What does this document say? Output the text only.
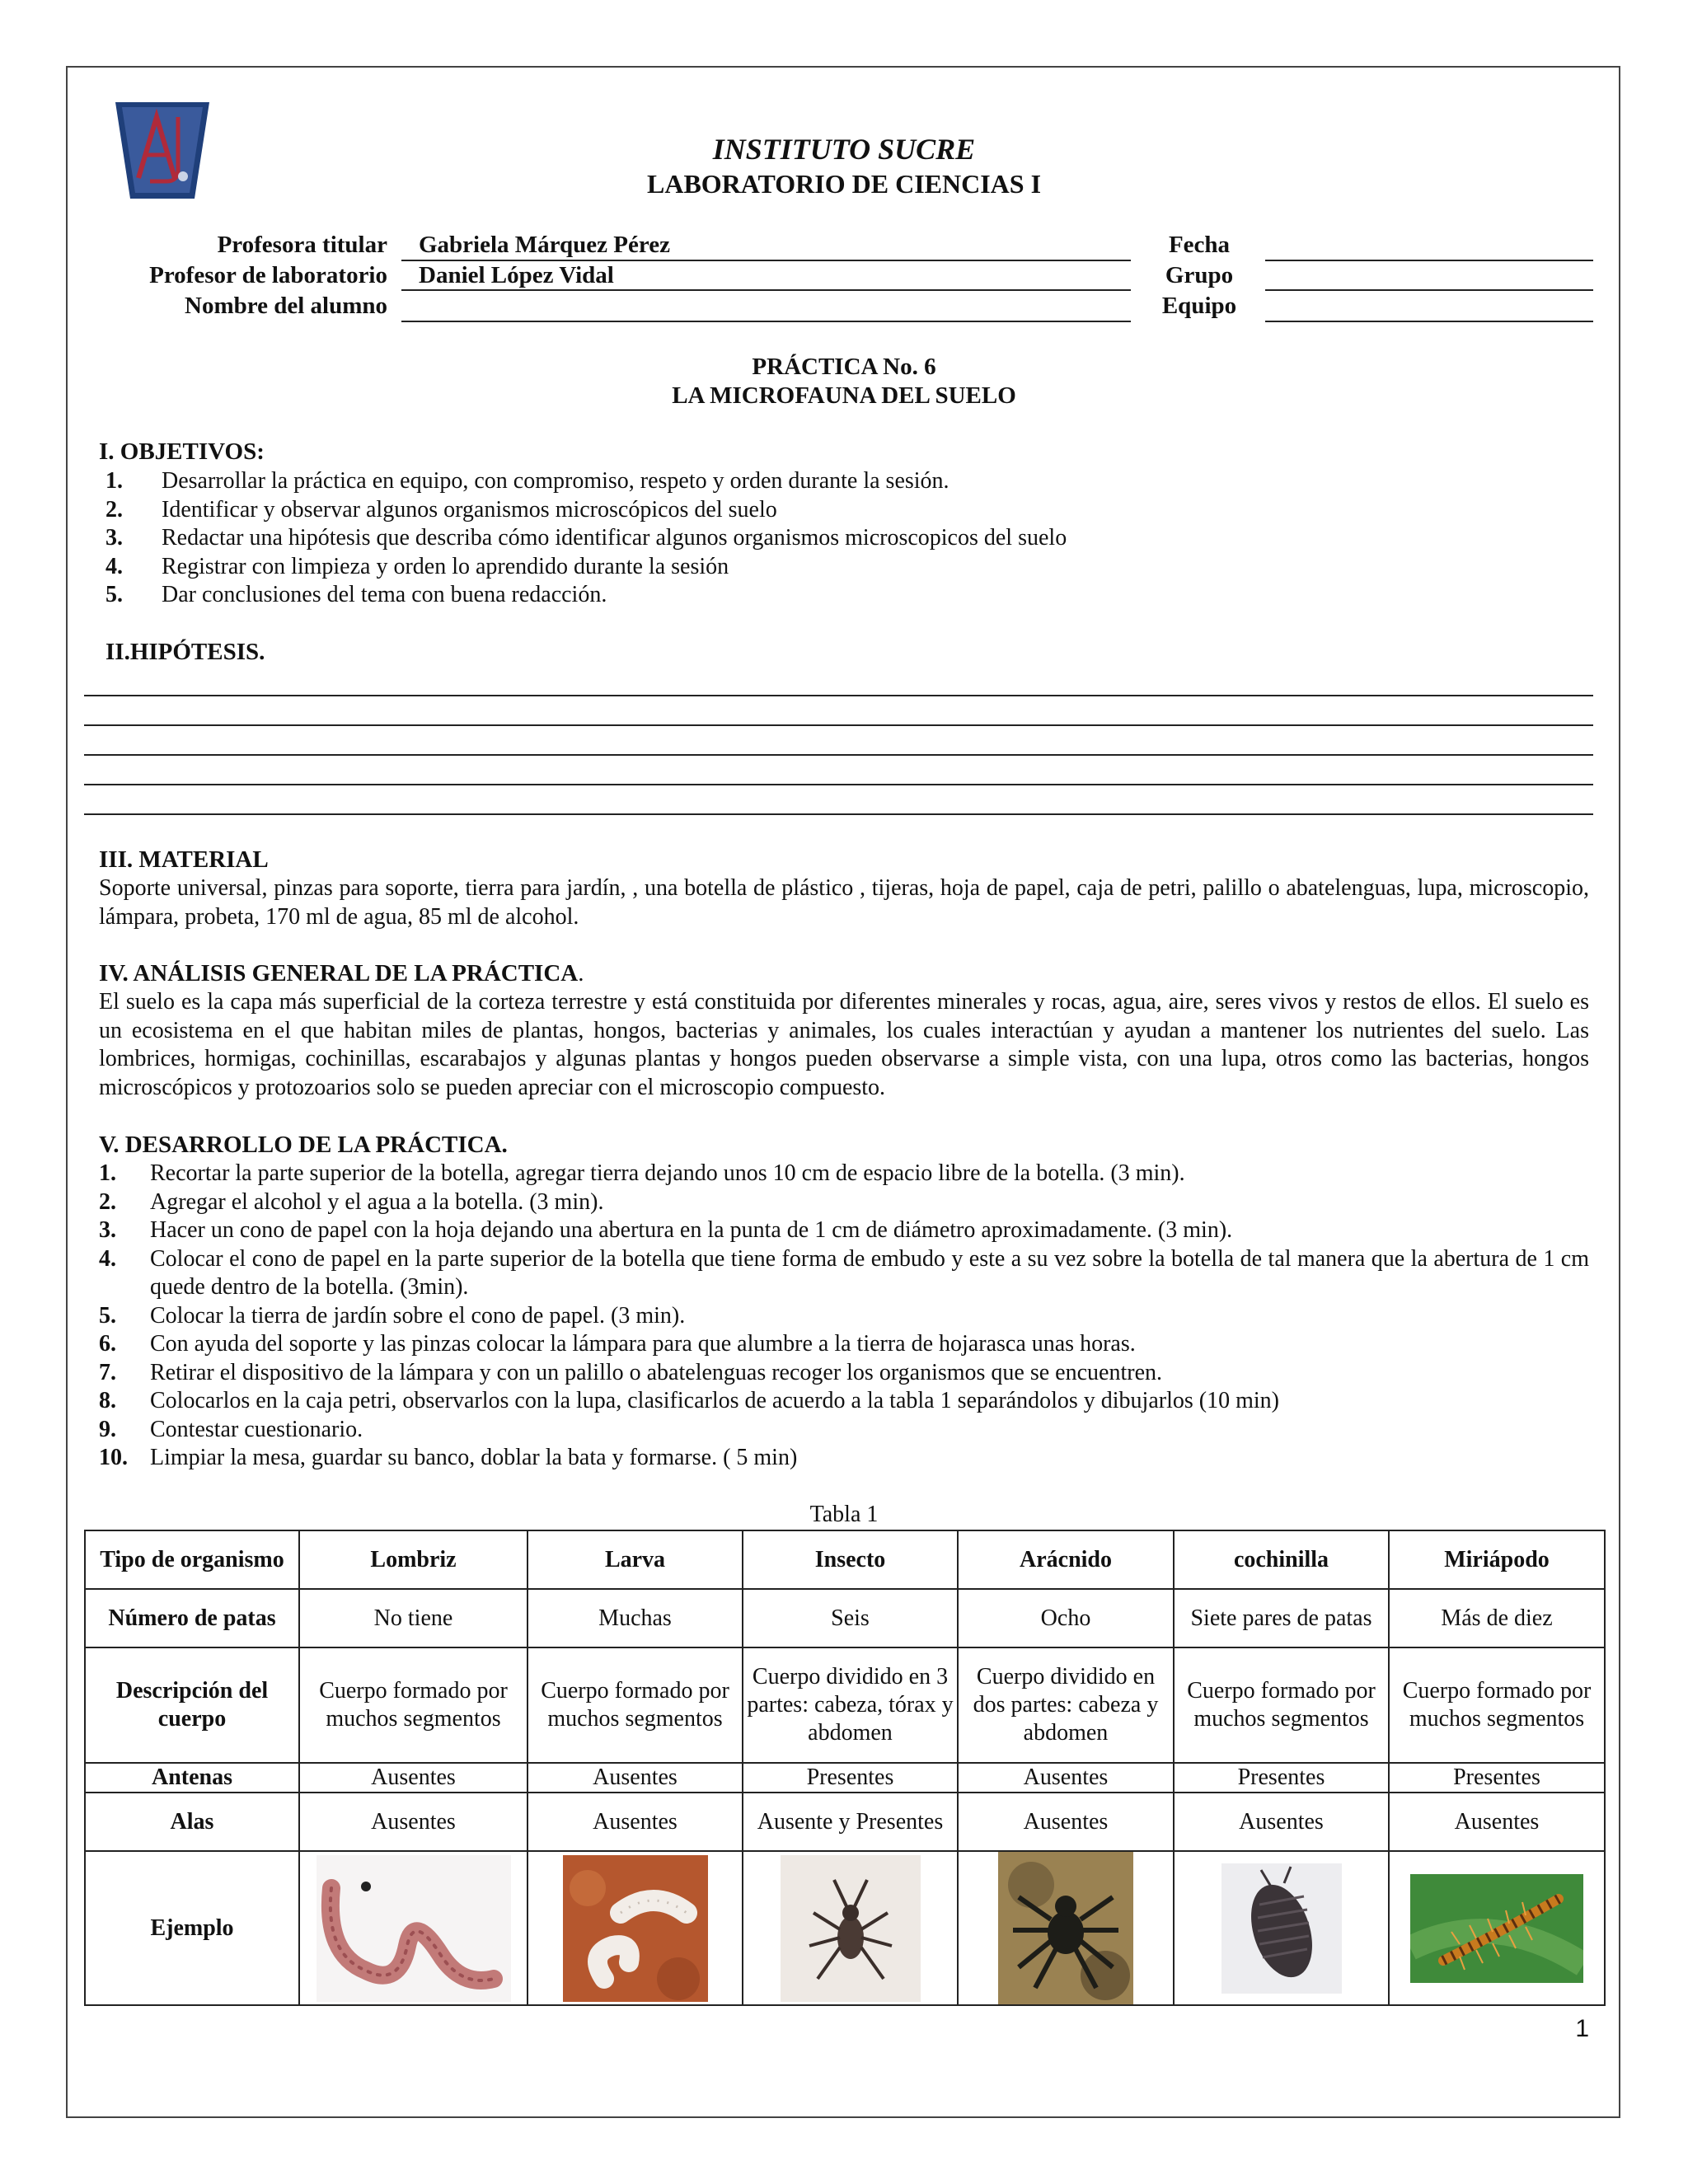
INSTITUTO SUCRE
LABORATORIO DE CIENCIAS I
Profesora titular Gabriela Márquez Pérez
Profesor de laboratorio Daniel López Vidal
Nombre del alumno
Fecha
Grupo
Equipo
PRÁCTICA No. 6
LA MICROFAUNA DEL SUELO
I. OBJETIVOS:
1.	Desarrollar la práctica en equipo, con compromiso, respeto y orden durante la sesión.
2.	Identificar y observar algunos organismos microscópicos del suelo
3.	Redactar una hipótesis que describa cómo identificar algunos organismos microscopicos del suelo
4.	Registrar con limpieza y orden lo aprendido durante la sesión
5.	Dar conclusiones del tema con buena redacción.
II.HIPÓTESIS.
III. MATERIAL
Soporte universal, pinzas para soporte, tierra para jardín, , una botella de plástico , tijeras, hoja de papel, caja de petri, palillo o abatelenguas, lupa, microscopio, lámpara, probeta, 170 ml de agua, 85 ml de alcohol.
IV. ANÁLISIS GENERAL DE LA PRÁCTICA.
El suelo es la capa más superficial de la corteza terrestre y está constituida por diferentes minerales y rocas, agua, aire, seres vivos y restos de ellos. El suelo es un ecosistema en el que habitan miles de plantas, hongos, bacterias y animales, los cuales interactúan y ayudan a mantener los nutrientes del suelo. Las lombrices, hormigas, cochinillas, escarabajos y algunas plantas y hongos pueden observarse a simple vista, con una lupa, otros como las bacterias, hongos microscópicos y protozoarios solo se pueden apreciar con el microscopio compuesto.
V. DESARROLLO DE LA PRÁCTICA.
1.	Recortar la parte superior de la botella, agregar tierra dejando unos 10 cm de espacio libre de la botella. (3 min).
2.	Agregar el alcohol y el agua a la botella. (3 min).
3.	Hacer un cono de papel con la hoja dejando una abertura en la punta de 1 cm de diámetro aproximadamente. (3 min).
4.	Colocar el cono de papel en la parte superior de la botella que tiene forma de embudo y este a su vez sobre la botella de tal manera que la abertura de 1 cm quede dentro de la botella. (3min).
5.	Colocar la tierra de jardín sobre el cono de papel. (3 min).
6.	Con ayuda del soporte y las pinzas colocar la lámpara para que alumbre a la tierra de hojarasca unas horas.
7.	Retirar el dispositivo de la lámpara y con un palillo o abatelenguas recoger los organismos que se encuentren.
8.	Colocarlos en la caja petri, observarlos con la lupa, clasificarlos de acuerdo a la tabla 1 separándolos y dibujarlos (10 min)
9.	Contestar cuestionario.
10. Limpiar la mesa, guardar su banco, doblar la bata y formarse. ( 5 min)
Tabla 1
Tipo de organismo	Lombriz	Larva	Insecto	Arácnido	cochinilla	Miriápodo
Número de patas	No tiene	Muchas	Seis	Ocho	Siete pares de patas	Más de diez
Descripción del cuerpo	Cuerpo formado por muchos segmentos	Cuerpo formado por muchos segmentos	Cuerpo dividido en 3 partes: cabeza, tórax y abdomen	Cuerpo dividido en dos partes: cabeza y abdomen	Cuerpo formado por muchos segmentos	Cuerpo formado por muchos segmentos
Antenas	Ausentes	Ausentes	Presentes	Ausentes	Presentes	Presentes
Alas	Ausentes	Ausentes	Ausente y Presentes	Ausentes	Ausentes	Ausentes
Ejemplo	

1
